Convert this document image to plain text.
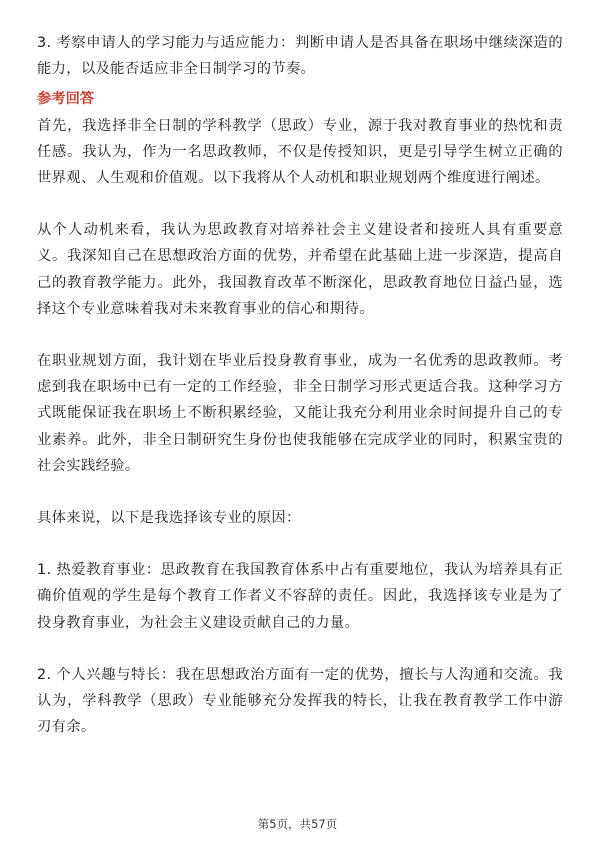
3. 考察申请人的学习能力与适应能力：判断申请人是否具备在职场中继续深造的能力，以及能否适应非全日制学习的节奏。

参考回答

首先，我选择非全日制的学科教学（思政）专业，源于我对教育事业的热忱和责任感。我认为，作为一名思政教师，不仅是传授知识，更是引导学生树立正确的世界观、人生观和价值观。以下我将从个人动机和职业规划两个维度进行阐述。

从个人动机来看，我认为思政教育对培养社会主义建设者和接班人具有重要意义。我深知自己在思想政治方面的优势，并希望在此基础上进一步深造，提高自己的教育教学能力。此外，我国教育改革不断深化，思政教育地位日益凸显，选择这个专业意味着我对未来教育事业的信心和期待。

在职业规划方面，我计划在毕业后投身教育事业，成为一名优秀的思政教师。考虑到我在职场中已有一定的工作经验，非全日制学习形式更适合我。这种学习方式既能保证我在职场上不断积累经验，又能让我充分利用业余时间提升自己的专业素养。此外，非全日制研究生身份也使我能够在完成学业的同时，积累宝贵的社会实践经验。

具体来说，以下是我选择该专业的原因：

1. 热爱教育事业：思政教育在我国教育体系中占有重要地位，我认为培养具有正确价值观的学生是每个教育工作者义不容辞的责任。因此，我选择该专业是为了投身教育事业，为社会主义建设贡献自己的力量。

2. 个人兴趣与特长：我在思想政治方面有一定的优势，擅长与人沟通和交流。我认为，学科教学（思政）专业能够充分发挥我的特长，让我在教育教学工作中游刃有余。

第5页，共57页
